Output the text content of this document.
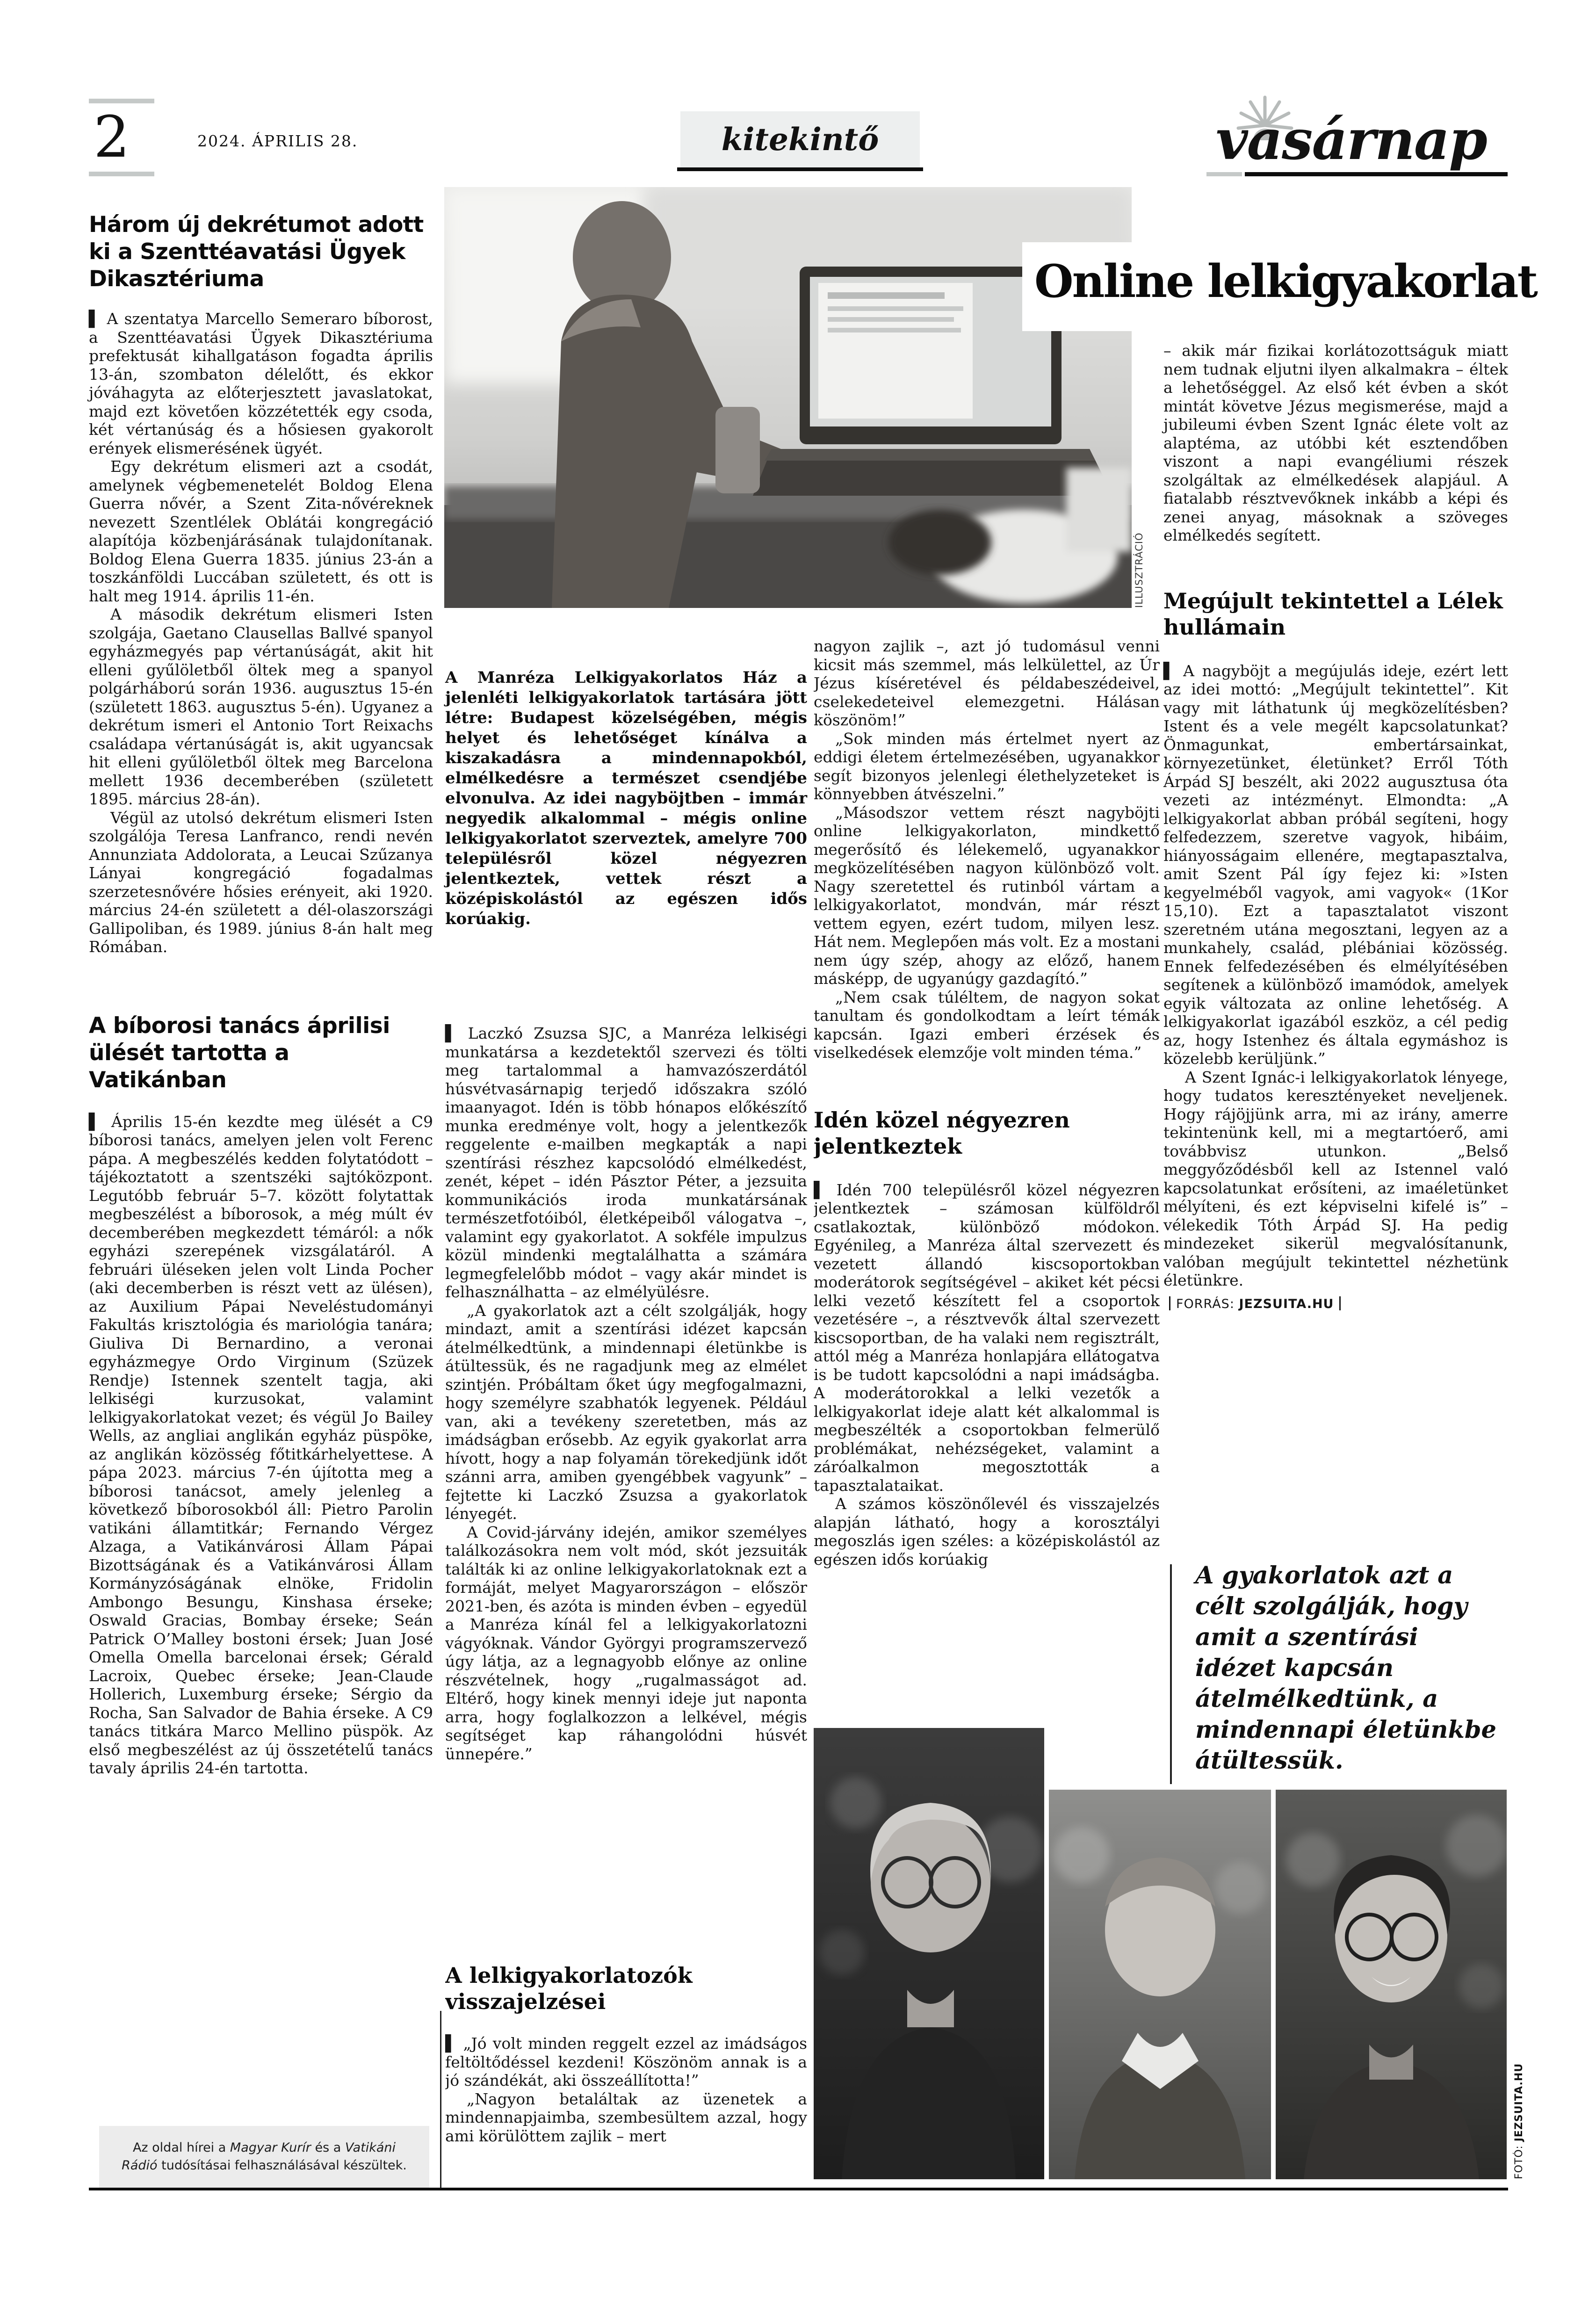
2	2024. ÁPRILIS 28.	kitekintő	vasárnap
ILLUSZTRÁCIÓ
Online lelkigyakorlat
Három új dekrétumot adott ki a Szenttéavatási Ügyek Dikasztériuma

▌ A szentatya Marcello Semeraro bíborost, a Szenttéavatási Ügyek Dikasztériuma prefektusát kihallgatáson fogadta április 13-án, szombaton délelőtt, és ekkor jóváhagyta az előterjesztett javaslatokat, majd ezt követően közzétették egy csoda, két vértanúság és a hősiesen gyakorolt erények elismerésének ügyét.

Egy dekrétum elismeri azt a csodát, amelynek végbemenetelét Boldog Elena Guerra nővér, a Szent Zita-nővéreknek nevezett Szentlélek Oblátái kongregáció alapítója közbenjárásának tulajdonítanak. Boldog Elena Guerra 1835. június 23-án a toszkánföldi Luccában született, és ott is halt meg 1914. április 11-én.

A második dekrétum elismeri Isten szolgája, Gaetano Clausellas Ballvé spanyol egyházmegyés pap vértanúságát, akit hit elleni gyűlöletből öltek meg a spanyol polgárháború során 1936. augusztus 15-én (született 1863. augusztus 5-én). Ugyanez a dekrétum ismeri el Antonio Tort Reixachs családapa vértanúságát is, akit ugyancsak hit elleni gyűlöletből öltek meg Barcelona mellett 1936 decemberében (született 1895. március 28-án).

Végül az utolsó dekrétum elismeri Isten szolgálója Teresa Lanfranco, rendi nevén Annunziata Addolorata, a Leucai Szűzanya Lányai kongregáció fogadalmas szerzetesnővére hősies erényeit, aki 1920. március 24-én született a dél-olaszországi Gallipoliban, és 1989. június 8-án halt meg Rómában.

A bíborosi tanács áprilisi ülését tartotta a Vatikánban

▌ Április 15-én kezdte meg ülését a C9 bíborosi tanács, amelyen jelen volt Ferenc pápa. A megbeszélés kedden folytatódott – tájékoztatott a szentszéki sajtóközpont. Legutóbb február 5–7. között folytattak megbeszélést a bíborosok, a még múlt év decemberében megkezdett témáról: a nők egyházi szerepének vizsgálatáról. A februári üléseken jelen volt Linda Pocher (aki decemberben is részt vett az ülésen), az Auxilium Pápai Neveléstudományi Fakultás krisztológia és mariológia tanára; Giuliva Di Bernardino, a veronai egyházmegye Ordo Virginum (Szüzek Rendje) Istennek szentelt tagja, aki lelkiségi kurzusokat, valamint lelkigyakorlatokat vezet; és végül Jo Bailey Wells, az angliai anglikán egyház püspöke, az anglikán közösség főtitkárhelyettese. A pápa 2023. március 7-én újította meg a bíborosi tanácsot, amely jelenleg a következő bíborosokból áll: Pietro Parolin vatikáni államtitkár; Fernando Vérgez Alzaga, a Vatikánvárosi Állam Pápai Bizottságának és a Vatikánvárosi Állam Kormányzóságának elnöke, Fridolin Ambongo Besungu, Kinshasa érseke; Oswald Gracias, Bombay érseke; Seán Patrick O’Malley bostoni érsek; Juan José Omella Omella barcelonai érsek; Gérald Lacroix, Quebec érseke; Jean-Claude Hollerich, Luxemburg érseke; Sérgio da Rocha, San Salvador de Bahia érseke. A C9 tanács titkára Marco Mellino püspök. Az első megbeszélést az új összetételű tanács tavaly április 24-én tartotta.

Az oldal hírei a Magyar Kurír és a Vatikáni Rádió tudósításai felhasználásával készültek.
A Manréza Lelkigyakorlatos Ház a jelenléti lelkigyakorlatok tartására jött létre: Budapest közelségében, mégis helyet és lehetőséget kínálva a kiszakadásra a mindennapokból, elmélkedésre a természet csendjébe elvonulva. Az idei nagyböjtben – immár negyedik alkalommal – mégis online lelkigyakorlatot szerveztek, amelyre 700 településről közel négyezren jelentkeztek, vettek részt a középiskolástól az egészen idős korúakig.

▌ Laczkó Zsuzsa SJC, a Manréza lelkiségi munkatársa a kezdetektől szervezi és tölti meg tartalommal a hamvazószerdától húsvétvasárnapig terjedő időszakra szóló imaanyagot. Idén is több hónapos előkészítő munka eredménye volt, hogy a jelentkezők reggelente e-mailben megkapták a napi szentírási részhez kapcsolódó elmélkedést, zenét, képet – idén Pásztor Péter, a jezsuita kommunikációs iroda munkatársának természetfotóiból, életképeiből válogatva –, valamint egy gyakorlatot. A sokféle impulzus közül mindenki megtalálhatta a számára legmegfelelőbb módot – vagy akár mindet is felhasználhatta – az elmélyülésre.

„A gyakorlatok azt a célt szolgálják, hogy mindazt, amit a szentírási idézet kapcsán átelmélkedtünk, a mindennapi életünkbe is átültessük, és ne ragadjunk meg az elmélet szintjén. Próbáltam őket úgy megfogalmazni, hogy személyre szabhatók legyenek. Például van, aki a tevékeny szeretetben, más az imádságban erősebb. Az egyik gyakorlat arra hívott, hogy a nap folyamán törekedjünk időt szánni arra, amiben gyengébbek vagyunk” – fejtette ki Laczkó Zsuzsa a gyakorlatok lényegét.

A Covid-járvány idején, amikor személyes találkozásokra nem volt mód, skót jezsuiták találták ki az online lelkigyakorlatoknak ezt a formáját, melyet Magyarországon – először 2021-ben, és azóta is minden évben – egyedül a Manréza kínál fel a lelkigyakorlatozni vágyóknak. Vándor Györgyi programszervező úgy látja, az a legnagyobb előnye az online részvételnek, hogy „rugalmasságot ad. Eltérő, hogy kinek mennyi ideje jut naponta arra, hogy foglalkozzon a lelkével, mégis segítséget kap ráhangolódni húsvét ünnepére.”

A lelkigyakorlatozók visszajelzései

▌ „Jó volt minden reggelt ezzel az imádságos feltöltődéssel kezdeni! Köszönöm annak is a jó szándékát, aki összeállította!”

„Nagyon betaláltak az üzenetek a mindennapjaimba, szembesültem azzal, hogy ami körülöttem zajlik – mert

nagyon zajlik –, azt jó tudomásul venni kicsit más szemmel, más lelkülettel, az Úr Jézus kíséretével és példabeszédeivel, cselekedeteivel elemezgetni. Hálásan köszönöm!”

„Sok minden más értelmet nyert az eddigi életem értelmezésében, ugyanakkor segít bizonyos jelenlegi élethelyzeteket is könnyebben átvészelni.”

„Másodszor vettem részt nagyböjti online lelkigyakorlaton, mindkettő megerősítő és lélekemelő, ugyanakkor megközelítésében nagyon különböző volt. Nagy szeretettel és rutinból vártam a lelkigyakorlatot, mondván, már részt vettem egyen, ezért tudom, milyen lesz. Hát nem. Meglepően más volt. Ez a mostani nem úgy szép, ahogy az előző, hanem másképp, de ugyanúgy gazdagító.”

„Nem csak túléltem, de nagyon sokat tanultam és gondolkodtam a leírt témák kapcsán. Igazi emberi érzések és viselkedések elemzője volt minden téma.”

Idén közel négyezren jelentkeztek

▌ Idén 700 településről közel négyezren jelentkeztek – számosan külföldről csatlakoztak, különböző módokon. Egyénileg, a Manréza által szervezett és vezetett állandó kiscsoportokban moderátorok segítségével – akiket két pécsi lelki vezető készített fel a csoportok vezetésére –, a résztvevők által szervezett kiscsoportban, de ha valaki nem regisztrált, attól még a Manréza honlapjára ellátogatva is be tudott kapcsolódni a napi imádságba. A moderátorokkal a lelki vezetők a lelkigyakorlat ideje alatt két alkalommal is megbeszélték a csoportokban felmerülő problémákat, nehézségeket, valamint a záróalkalmon megosztották a tapasztalataikat.

A számos köszönőlevél és visszajelzés alapján látható, hogy a korosztályi megoszlás igen széles: a középiskolástól az egészen idős korúakig

– akik már fizikai korlátozottságuk miatt nem tudnak eljutni ilyen alkalmakra – éltek a lehetőséggel. Az első két évben a skót mintát követve Jézus megismerése, majd a jubileumi évben Szent Ignác élete volt az alaptéma, az utóbbi két esztendőben viszont a napi evangéliumi részek szolgáltak az elmélkedések alapjául. A fiatalabb résztvevőknek inkább a képi és zenei anyag, másoknak a szöveges elmélkedés segített.

Megújult tekintettel a Lélek hullámain

▌ A nagyböjt a megújulás ideje, ezért lett az idei mottó: „Megújult tekintettel”. Kit vagy mit láthatunk új megközelítésben? Istent és a vele megélt kapcsolatunkat? Önmagunkat, embertársainkat, környezetünket, életünket? Erről Tóth Árpád SJ beszélt, aki 2022 augusztusa óta vezeti az intézményt. Elmondta: „A lelkigyakorlat abban próbál segíteni, hogy felfedezzem, szeretve vagyok, hibáim, hiányosságaim ellenére, megtapasztalva, amit Szent Pál így fejez ki: »Isten kegyelméből vagyok, ami vagyok« (1Kor 15,10). Ezt a tapasztalatot viszont szeretném utána megosztani, legyen az a munkahely, család, plébániai közösség. Ennek felfedezésében és elmélyítésében segítenek a különböző imamódok, amelyek egyik változata az online lehetőség. A lelkigyakorlat igazából eszköz, a cél pedig az, hogy Istenhez és általa egymáshoz is közelebb kerüljünk.”

A Szent Ignác-i lelkigyakorlatok lényege, hogy tudatos keresztényeket neveljenek. Hogy rájöjjünk arra, mi az irány, amerre tekintenünk kell, mi a megtartóerő, ami továbbvisz utunkon. „Belső meggyőződésből kell az Istennel való kapcsolatunkat erősíteni, az imaéletünket mélyíteni, és ezt képviselni kifelé is” – vélekedik Tóth Árpád SJ. Ha pedig mindezeket sikerül megvalósítanunk, valóban megújult tekintettel nézhetünk életünkre.

FORRÁS: JEZSUITA.HU
A gyakorlatok azt a célt szolgálják, hogy amit a szentírási idézet kapcsán átelmélkedtünk, a mindennapi életünkbe átültessük.
FOTÓ: JEZSUITA.HU
